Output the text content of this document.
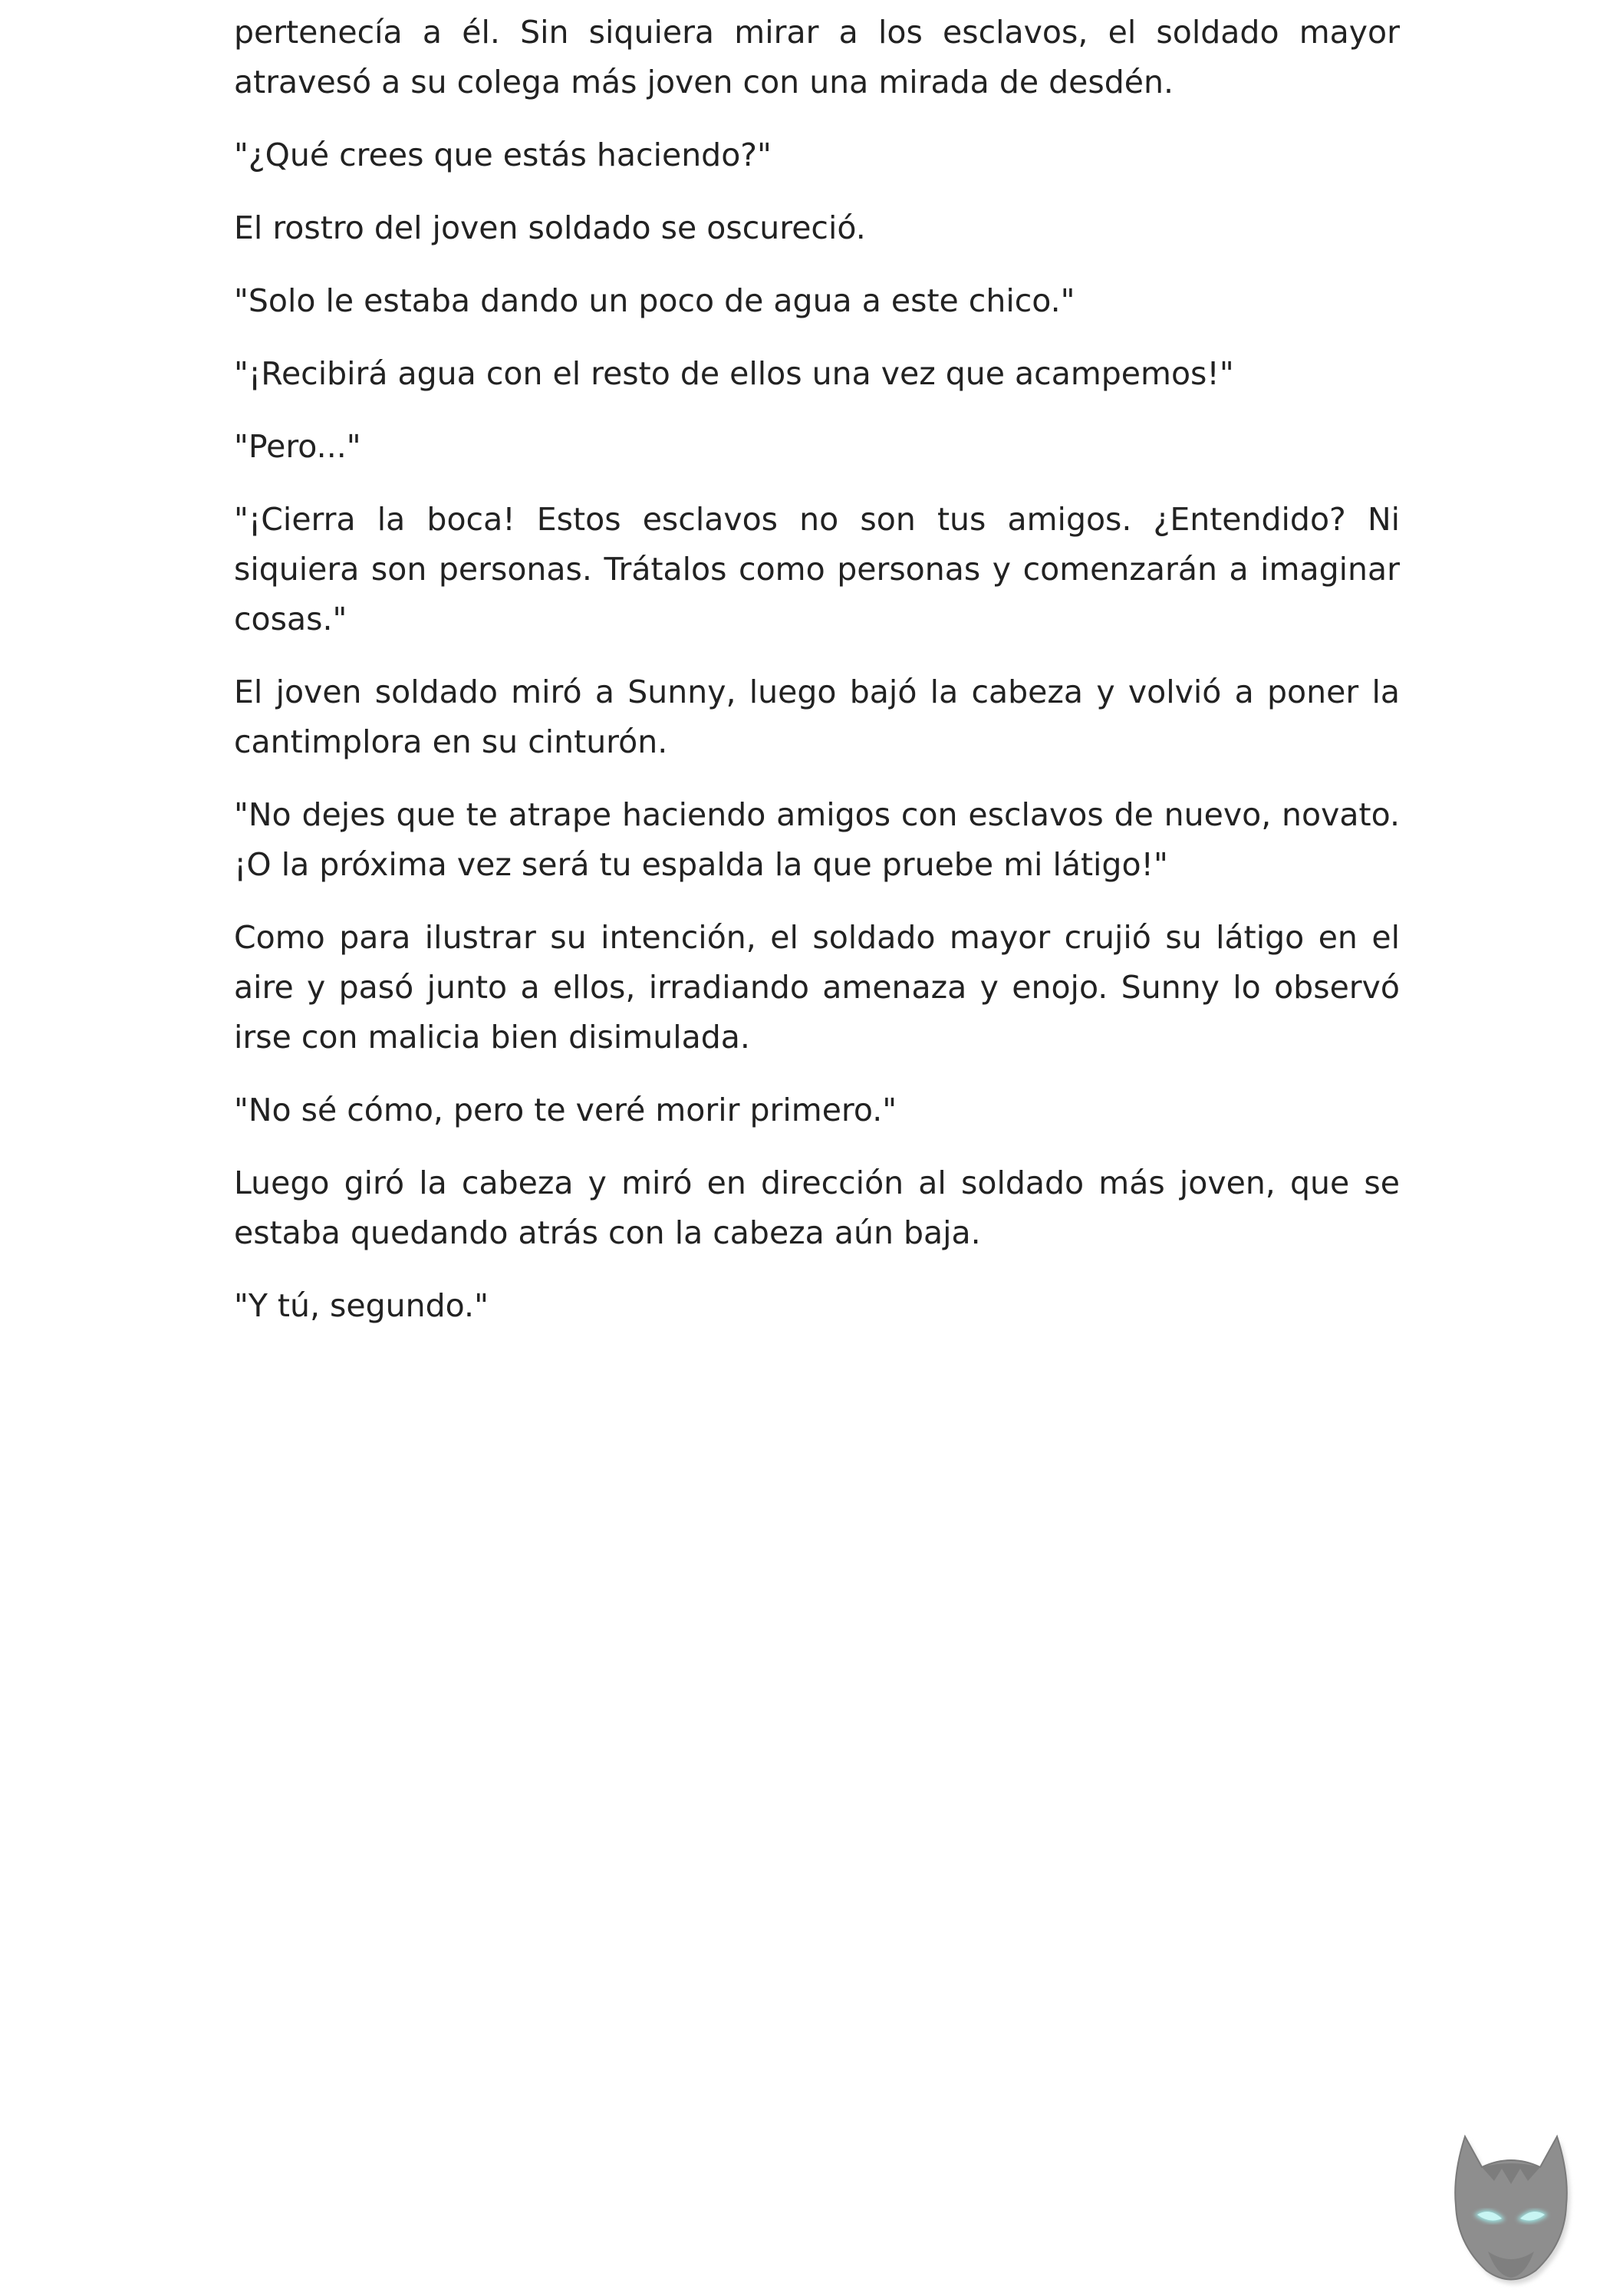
pertenecía a él. Sin siquiera mirar a los esclavos, el soldado mayor atravesó a su colega más joven con una mirada de desdén.

"¿Qué crees que estás haciendo?"

El rostro del joven soldado se oscureció.

"Solo le estaba dando un poco de agua a este chico."

"¡Recibirá agua con el resto de ellos una vez que acampemos!"

"Pero..."

"¡Cierra la boca! Estos esclavos no son tus amigos. ¿Entendido? Ni siquiera son personas. Trátalos como personas y comenzarán a imaginar cosas."

El joven soldado miró a Sunny, luego bajó la cabeza y volvió a poner la cantimplora en su cinturón.

"No dejes que te atrape haciendo amigos con esclavos de nuevo, novato. ¡O la próxima vez será tu espalda la que pruebe mi látigo!"

Como para ilustrar su intención, el soldado mayor crujió su látigo en el aire y pasó junto a ellos, irradiando amenaza y enojo. Sunny lo observó irse con malicia bien disimulada.

"No sé cómo, pero te veré morir primero."

Luego giró la cabeza y miró en dirección al soldado más joven, que se estaba quedando atrás con la cabeza aún baja.

"Y tú, segundo."
